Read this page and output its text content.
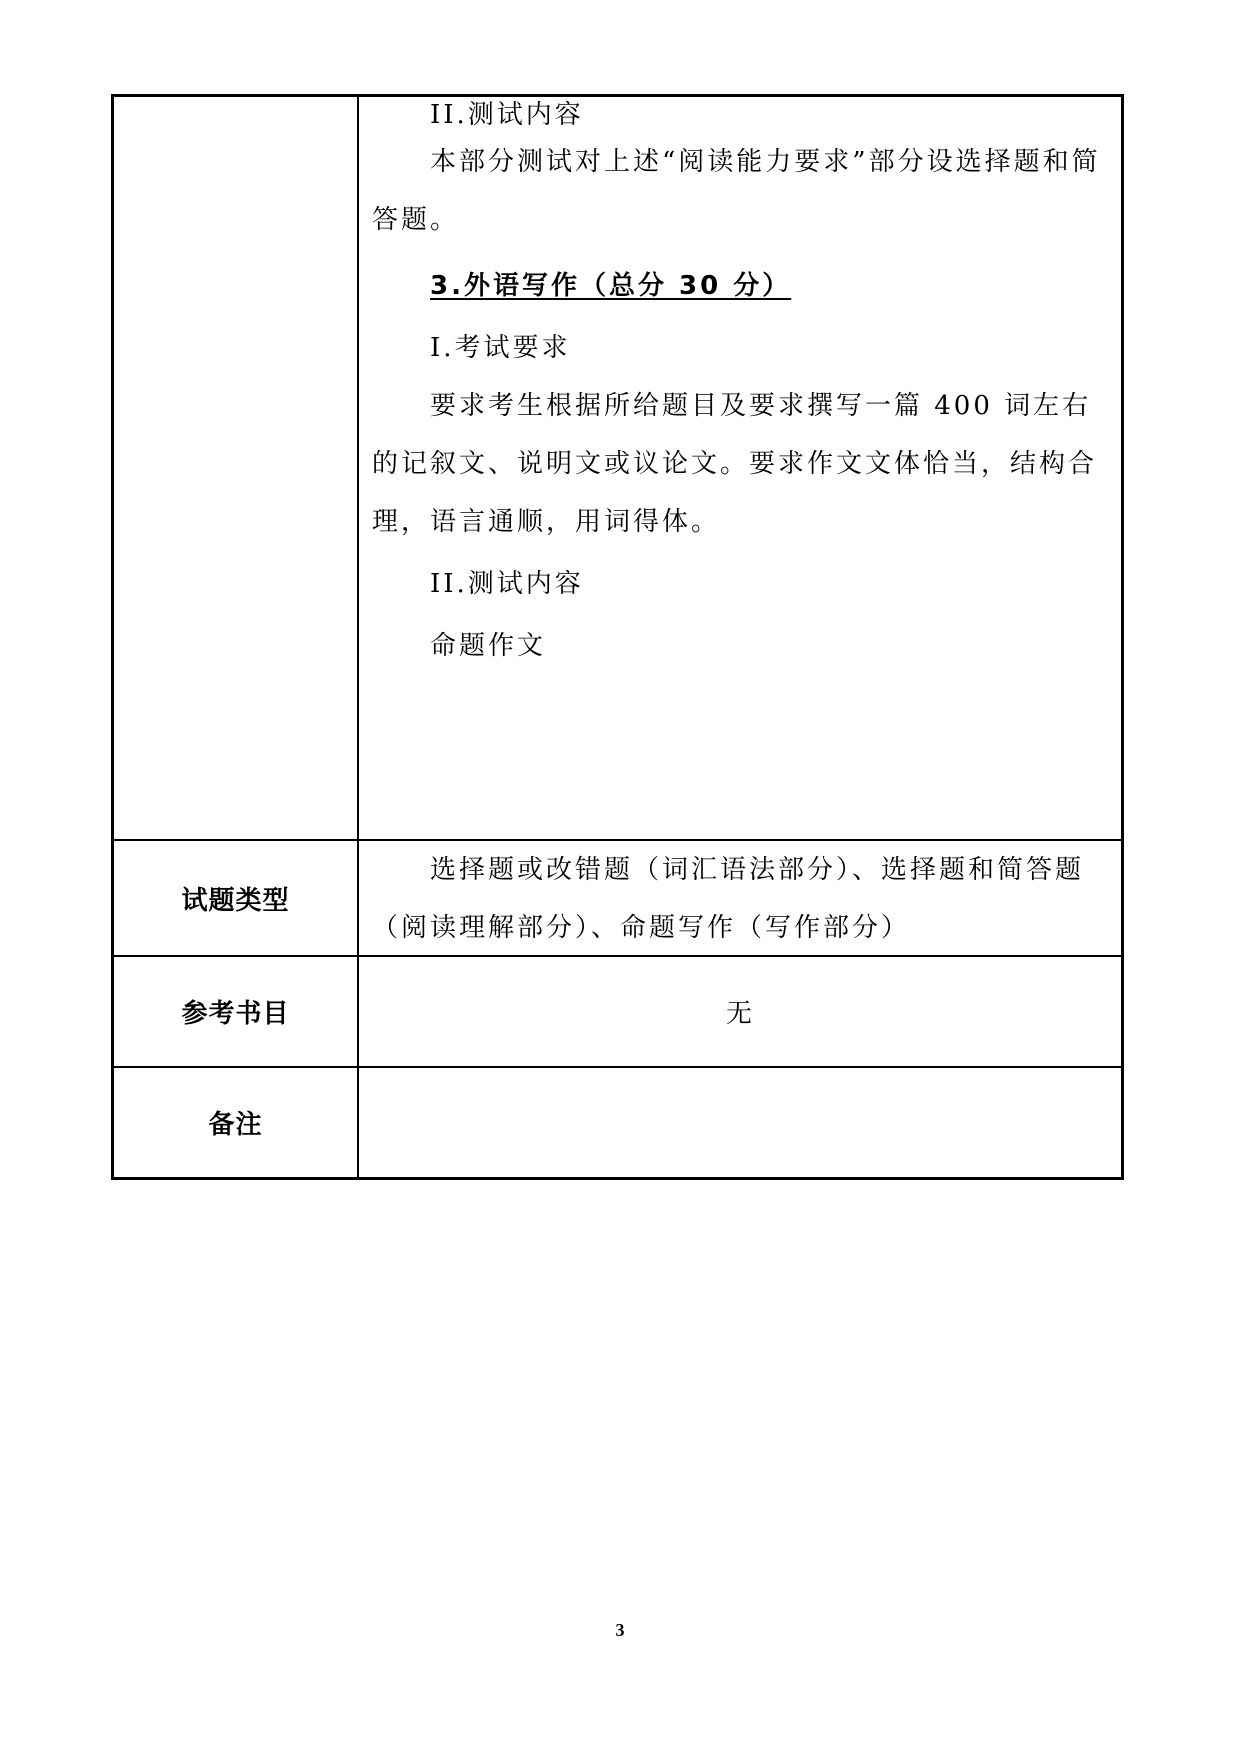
II.测试内容

本部分测试对上述“阅读能力要求”部分设选择题和简答题。

3.外语写作（总分 30 分）

I.考试要求

要求考生根据所给题目及要求撰写一篇 400 词左右的记叙文、说明文或议论文。要求作文文体恰当，结构合理，语言通顺，用词得体。

II.测试内容

命题作文

试题类型

选择题或改错题（词汇语法部分）、选择题和简答题（阅读理解部分）、命题写作（写作部分）

参考书目	无
备注
3
